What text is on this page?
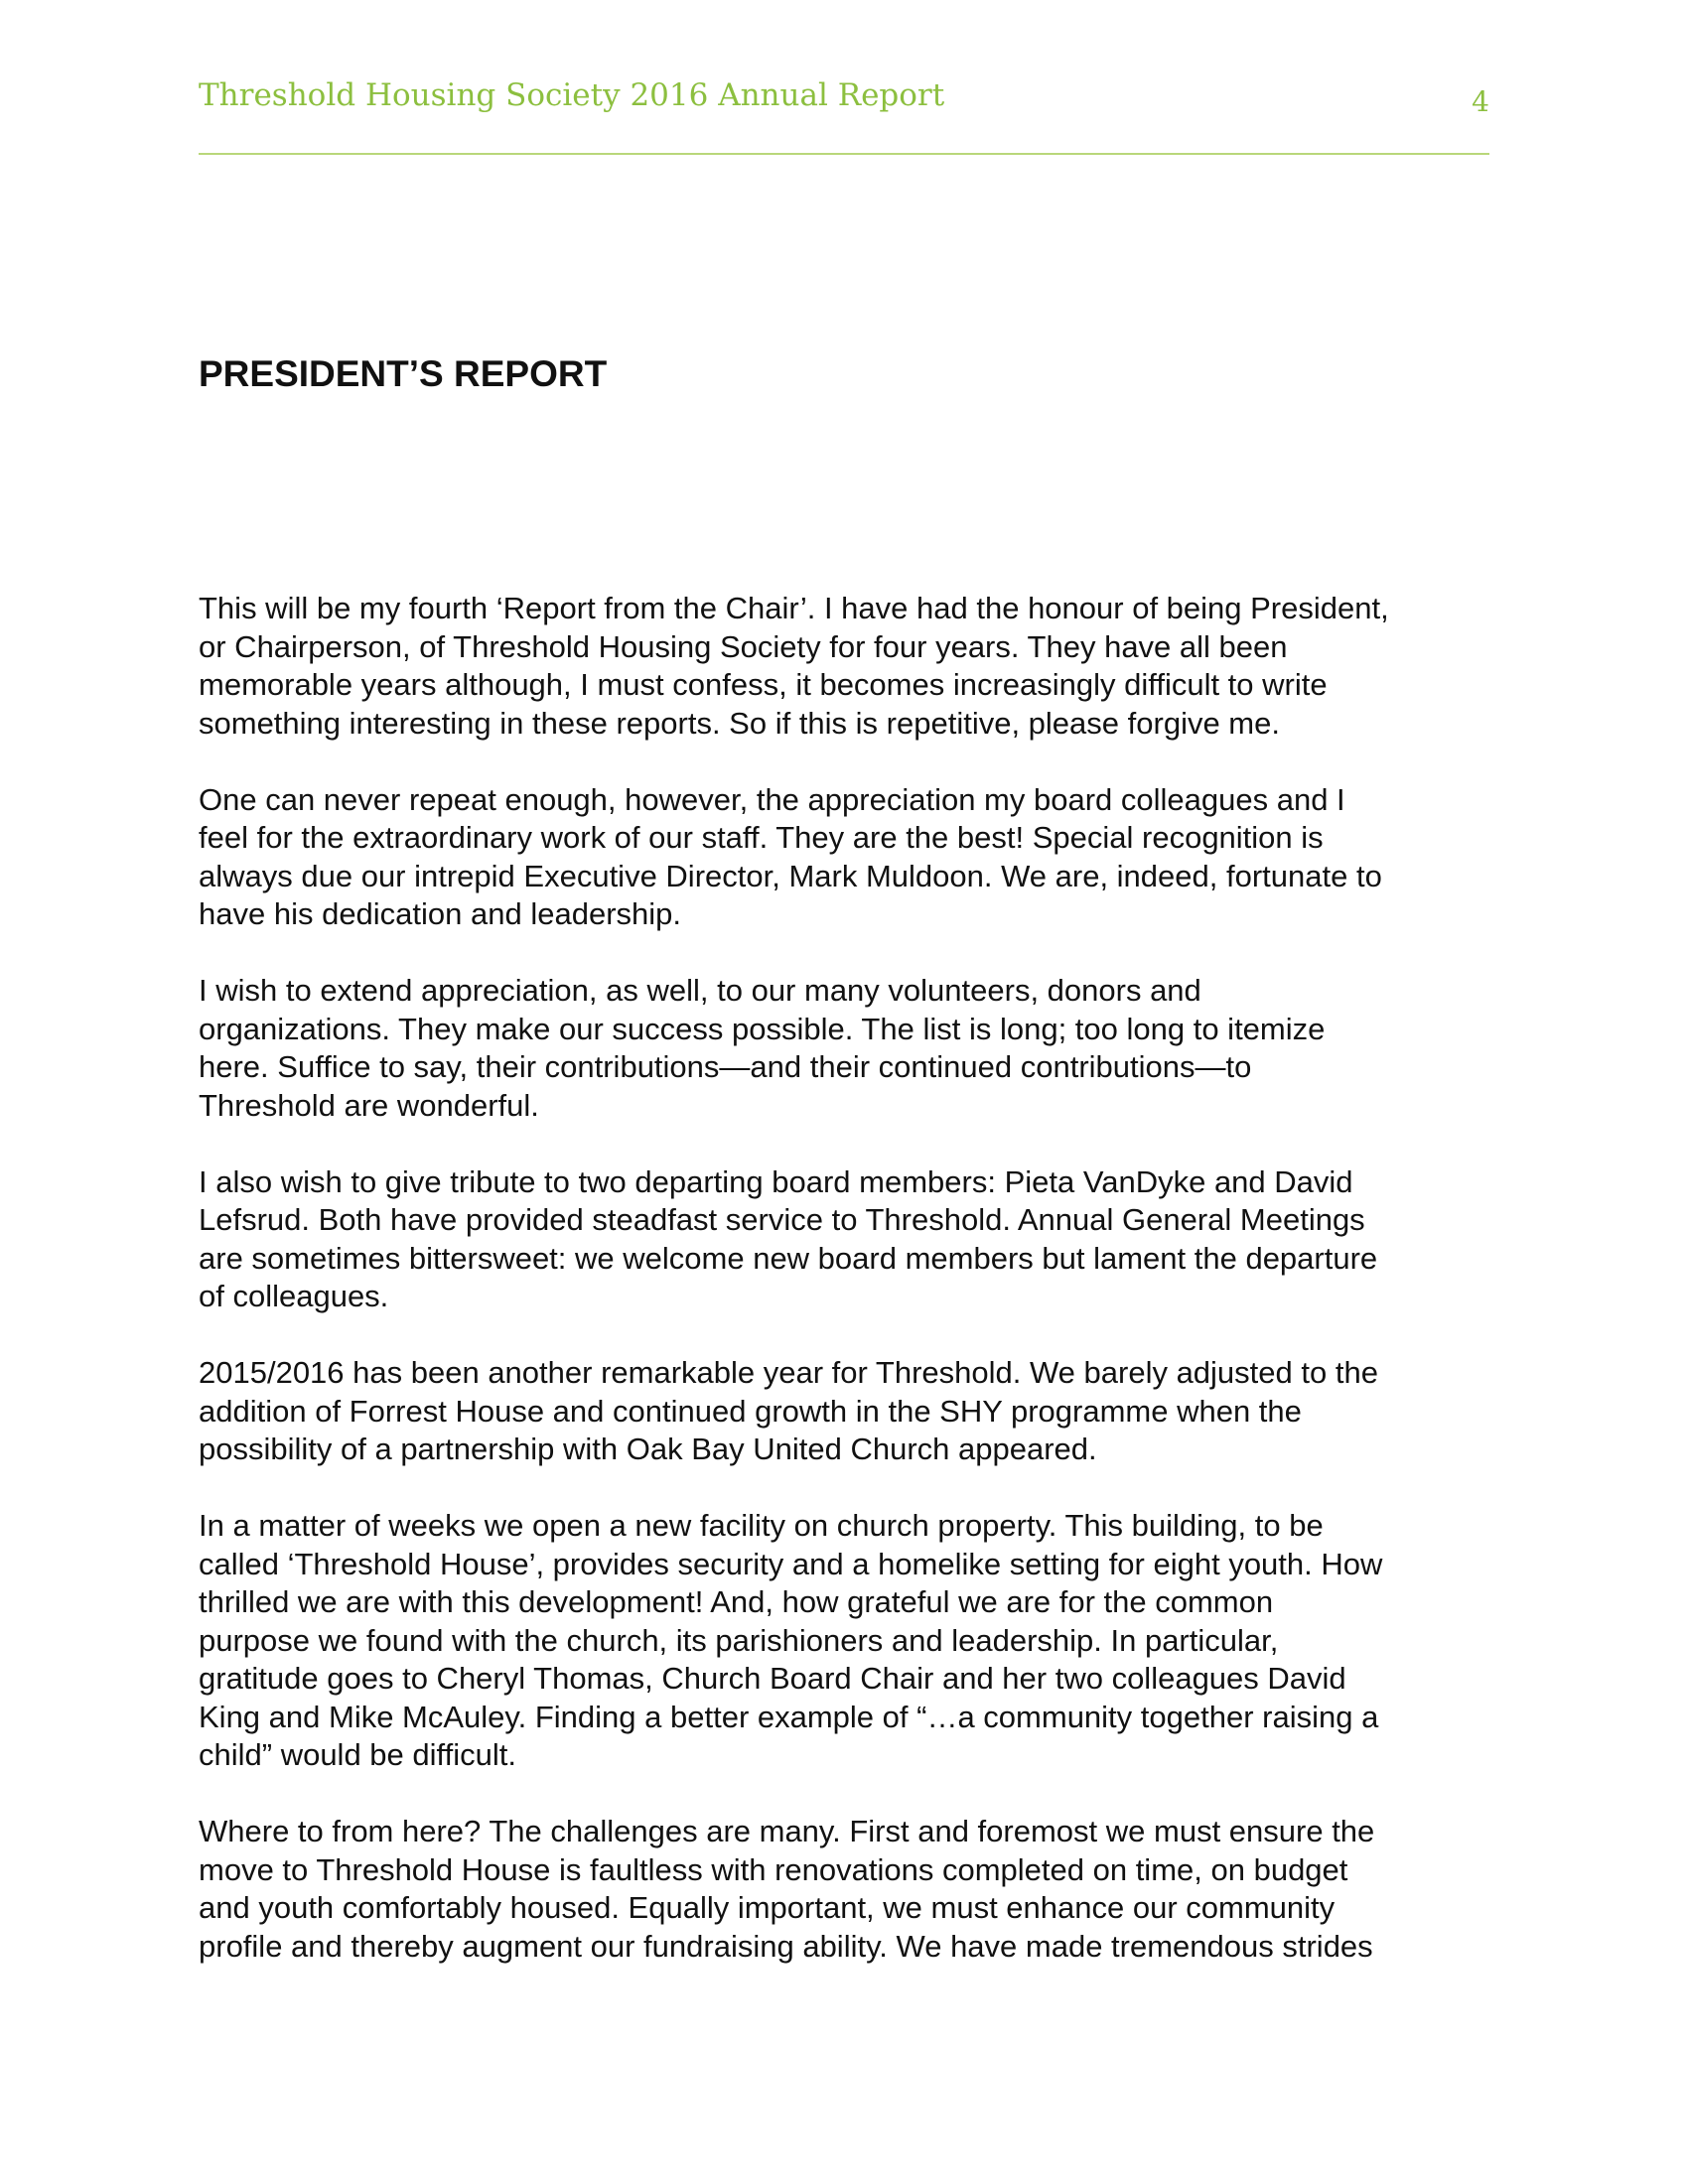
Threshold Housing Society 2016 Annual Report	4
PRESIDENT’S REPORT

This will be my fourth ‘Report from the Chair’. I have had the honour of being President,
or Chairperson, of Threshold Housing Society for four years. They have all been
memorable years although, I must confess, it becomes increasingly difficult to write
something interesting in these reports. So if this is repetitive, please forgive me.

One can never repeat enough, however, the appreciation my board colleagues and I
feel for the extraordinary work of our staff. They are the best! Special recognition is
always due our intrepid Executive Director, Mark Muldoon. We are, indeed, fortunate to
have his dedication and leadership.

I wish to extend appreciation, as well, to our many volunteers, donors and
organizations. They make our success possible. The list is long; too long to itemize
here. Suffice to say, their contributions—and their continued contributions—to
Threshold are wonderful.

I also wish to give tribute to two departing board members: Pieta VanDyke and David
Lefsrud. Both have provided steadfast service to Threshold. Annual General Meetings
are sometimes bittersweet: we welcome new board members but lament the departure
of colleagues.

2015/2016 has been another remarkable year for Threshold. We barely adjusted to the
addition of Forrest House and continued growth in the SHY programme when the
possibility of a partnership with Oak Bay United Church appeared.

In a matter of weeks we open a new facility on church property. This building, to be
called ‘Threshold House’, provides security and a homelike setting for eight youth. How
thrilled we are with this development! And, how grateful we are for the common
purpose we found with the church, its parishioners and leadership. In particular,
gratitude goes to Cheryl Thomas, Church Board Chair and her two colleagues David
King and Mike McAuley. Finding a better example of “…a community together raising a
child” would be difficult.

Where to from here? The challenges are many. First and foremost we must ensure the
move to Threshold House is faultless with renovations completed on time, on budget
and youth comfortably housed. Equally important, we must enhance our community
profile and thereby augment our fundraising ability. We have made tremendous strides
